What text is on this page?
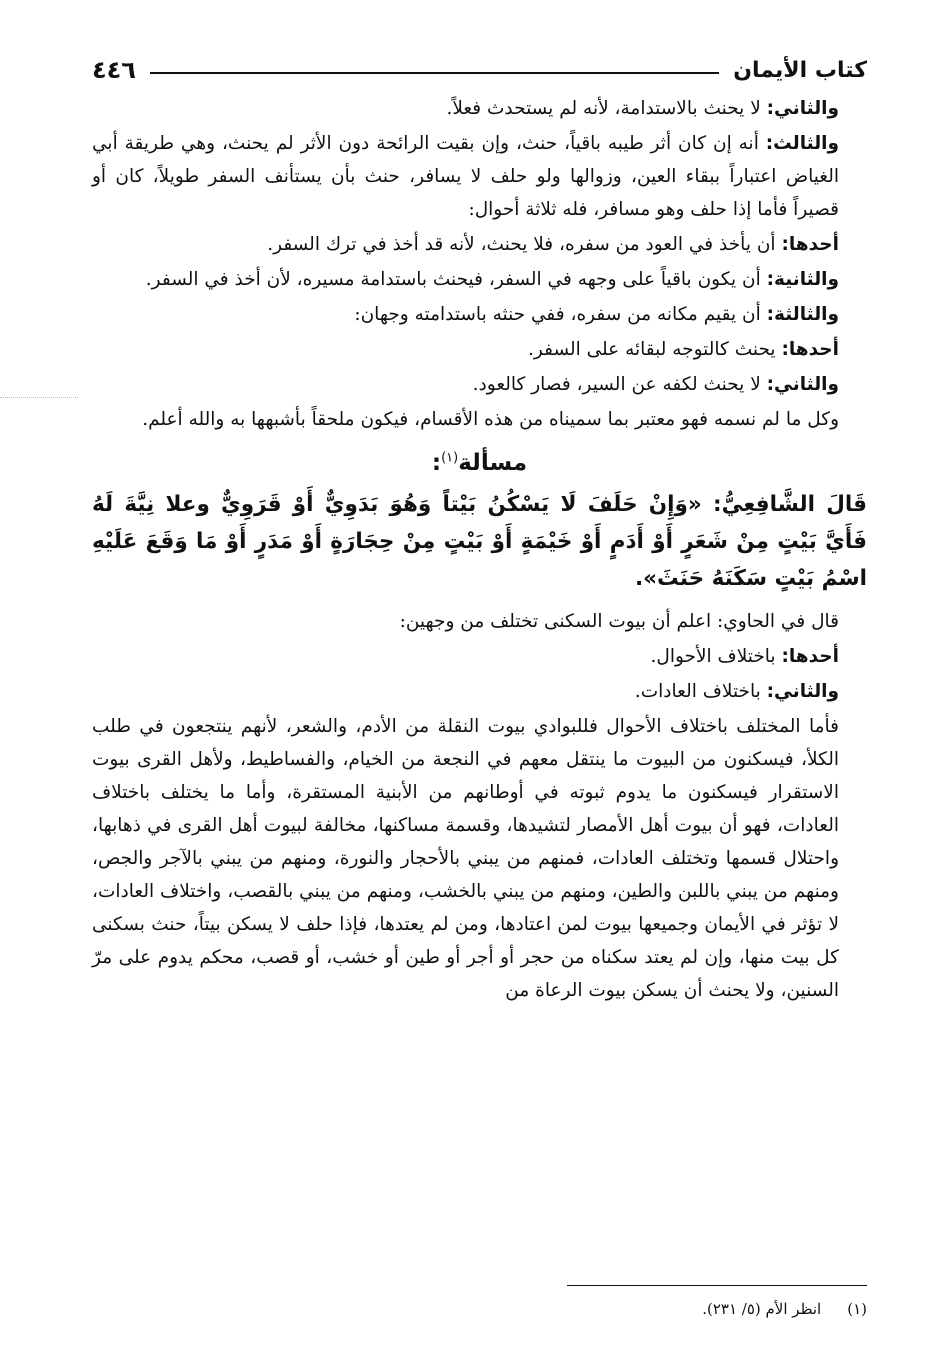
كتاب الأيمان
٤٤٦

والثاني: لا يحنث بالاستدامة، لأنه لم يستحدث فعلاً.

والثالث: أنه إن كان أثر طيبه باقياً، حنث، وإن بقيت الرائحة دون الأثر لم يحنث، وهي طريقة أبي الغياض اعتباراً ببقاء العين، وزوالها ولو حلف لا يسافر، حنث بأن يستأنف السفر طويلاً، كان أو قصيراً فأما إذا حلف وهو مسافر، فله ثلاثة أحوال:

أحدها: أن يأخذ في العود من سفره، فلا يحنث، لأنه قد أخذ في ترك السفر.

والثانية: أن يكون باقياً على وجهه في السفر، فيحنث باستدامة مسيره، لأن أخذ في السفر.

والثالثة: أن يقيم مكانه من سفره، ففي حنثه باستدامته وجهان:

أحدها: يحنث كالتوجه لبقائه على السفر.

والثاني: لا يحنث لكفه عن السير، فصار كالعود.

وكل ما لم نسمه فهو معتبر بما سميناه من هذه الأقسام، فيكون ملحقاً بأشبهها به والله أعلم.

مسألة$^{(١)}$:
قَالَ الشَّافِعِيُّ: «وَإِنْ حَلَفَ لَا يَسْكُنُ بَيْتاً وَهُوَ بَدَوِيٌّ أَوْ قَرَوِيٌّ وعلا نِيَّةَ لَهُ فَأَيَّ بَيْتٍ مِنْ شَعَرٍ أَوْ أَدَمٍ أَوْ خَيْمَةٍ أَوْ بَيْتٍ مِنْ حِجَارَةٍ أَوْ مَدَرٍ أَوْ مَا وَقَعَ عَلَيْهِ اسْمُ بَيْتٍ سَكَنَهُ حَنَثَ».

قال في الحاوي: اعلم أن بيوت السكنى تختلف من وجهين:

أحدها: باختلاف الأحوال.

والثاني: باختلاف العادات.

فأما المختلف باختلاف الأحوال فللبوادي بيوت النقلة من الأدم، والشعر، لأنهم ينتجعون في طلب الكلأ، فيسكنون من البيوت ما ينتقل معهم في النجعة من الخيام، والفساطيط، ولأهل القرى بيوت الاستقرار فيسكنون ما يدوم ثبوته في أوطانهم من الأبنية المستقرة، وأما ما يختلف باختلاف العادات، فهو أن بيوت أهل الأمصار لتشيدها، وقسمة مساكنها، مخالفة لبيوت أهل القرى في ذهابها، واحتلال قسمها وتختلف العادات، فمنهم من يبني بالأحجار والنورة، ومنهم من يبني بالآجر والجص، ومنهم من يبني باللبن والطين، ومنهم من يبني بالخشب، ومنهم من يبني بالقصب، واختلاف العادات، لا تؤثر في الأيمان وجميعها بيوت لمن اعتادها، ومن لم يعتدها، فإذا حلف لا يسكن بيتاً، حنث بسكنى كل بيت منها، وإن لم يعتد سكناه من حجر أو أجر أو طين أو خشب، أو قصب، محكم يدوم على مرّ السنين، ولا يحنث أن يسكن بيوت الرعاة من

(١)انظر الأم (٥/ ٢٣١).
